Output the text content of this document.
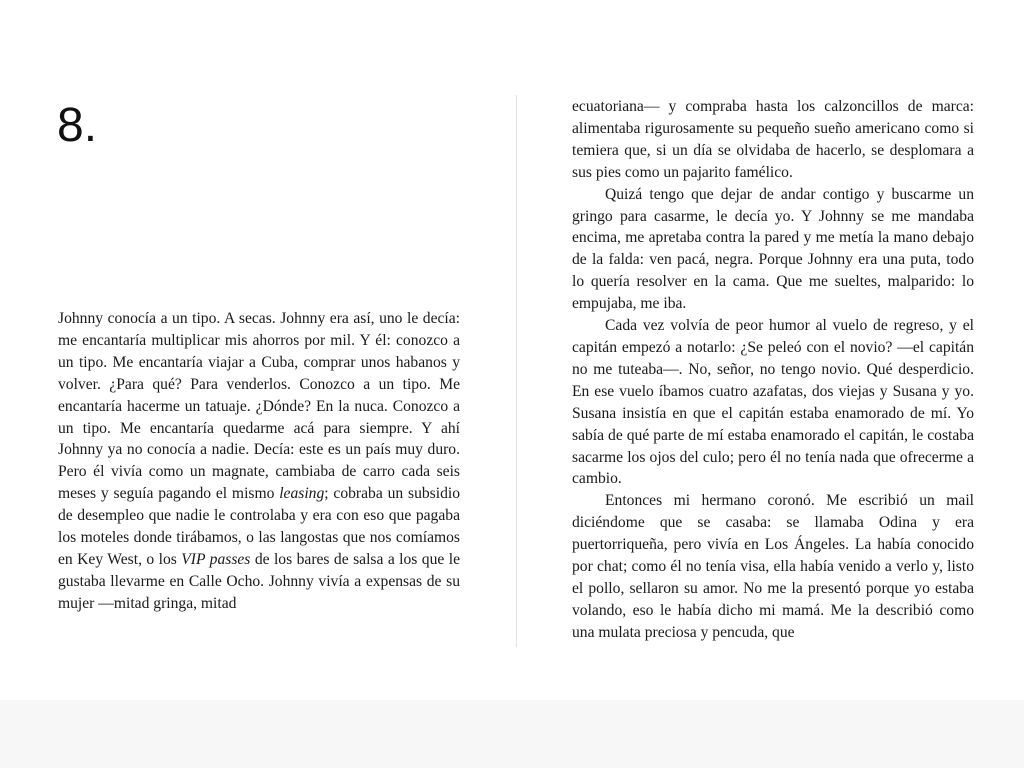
8.

Johnny conocía a un tipo. A secas. Johnny era así, uno le decía: me encantaría multiplicar mis ahorros por mil. Y él: conozco a un tipo. Me encantaría viajar a Cuba, comprar unos habanos y volver. ¿Para qué? Para venderlos. Conozco a un tipo. Me encantaría hacerme un tatuaje. ¿Dónde? En la nuca. Conozco a un tipo. Me encantaría quedarme acá para siempre. Y ahí Johnny ya no conocía a nadie. Decía: este es un país muy duro. Pero él vivía como un magnate, cambiaba de carro cada seis meses y seguía pagando el mismo leasing; cobraba un subsidio de desempleo que nadie le controlaba y era con eso que pagaba los moteles donde tirábamos, o las langostas que nos comíamos en Key West, o los VIP passes de los bares de salsa a los que le gustaba llevarme en Calle Ocho. Johnny vivía a expensas de su mujer —mitad gringa, mitad

ecuatoriana— y compraba hasta los calzoncillos de marca: alimentaba rigurosamente su pequeño sueño americano como si temiera que, si un día se olvidaba de hacerlo, se desplomara a sus pies como un pajarito famélico.

Quizá tengo que dejar de andar contigo y buscarme un gringo para casarme, le decía yo. Y Johnny se me mandaba encima, me apretaba contra la pared y me metía la mano debajo de la falda: ven pacá, negra. Porque Johnny era una puta, todo lo quería resolver en la cama. Que me sueltes, malparido: lo empujaba, me iba.

Cada vez volvía de peor humor al vuelo de regreso, y el capitán empezó a notarlo: ¿Se peleó con el novio? —el capitán no me tuteaba—. No, señor, no tengo novio. Qué desperdicio. En ese vuelo íbamos cuatro azafatas, dos viejas y Susana y yo. Susana insistía en que el capitán estaba enamorado de mí. Yo sabía de qué parte de mí estaba enamorado el capitán, le costaba sacarme los ojos del culo; pero él no tenía nada que ofrecerme a cambio.

Entonces mi hermano coronó. Me escribió un mail diciéndome que se casaba: se llamaba Odina y era puertorriqueña, pero vivía en Los Ángeles. La había conocido por chat; como él no tenía visa, ella había venido a verlo y, listo el pollo, sellaron su amor. No me la presentó porque yo estaba volando, eso le había dicho mi mamá. Me la describió como una mulata preciosa y pencuda, que
